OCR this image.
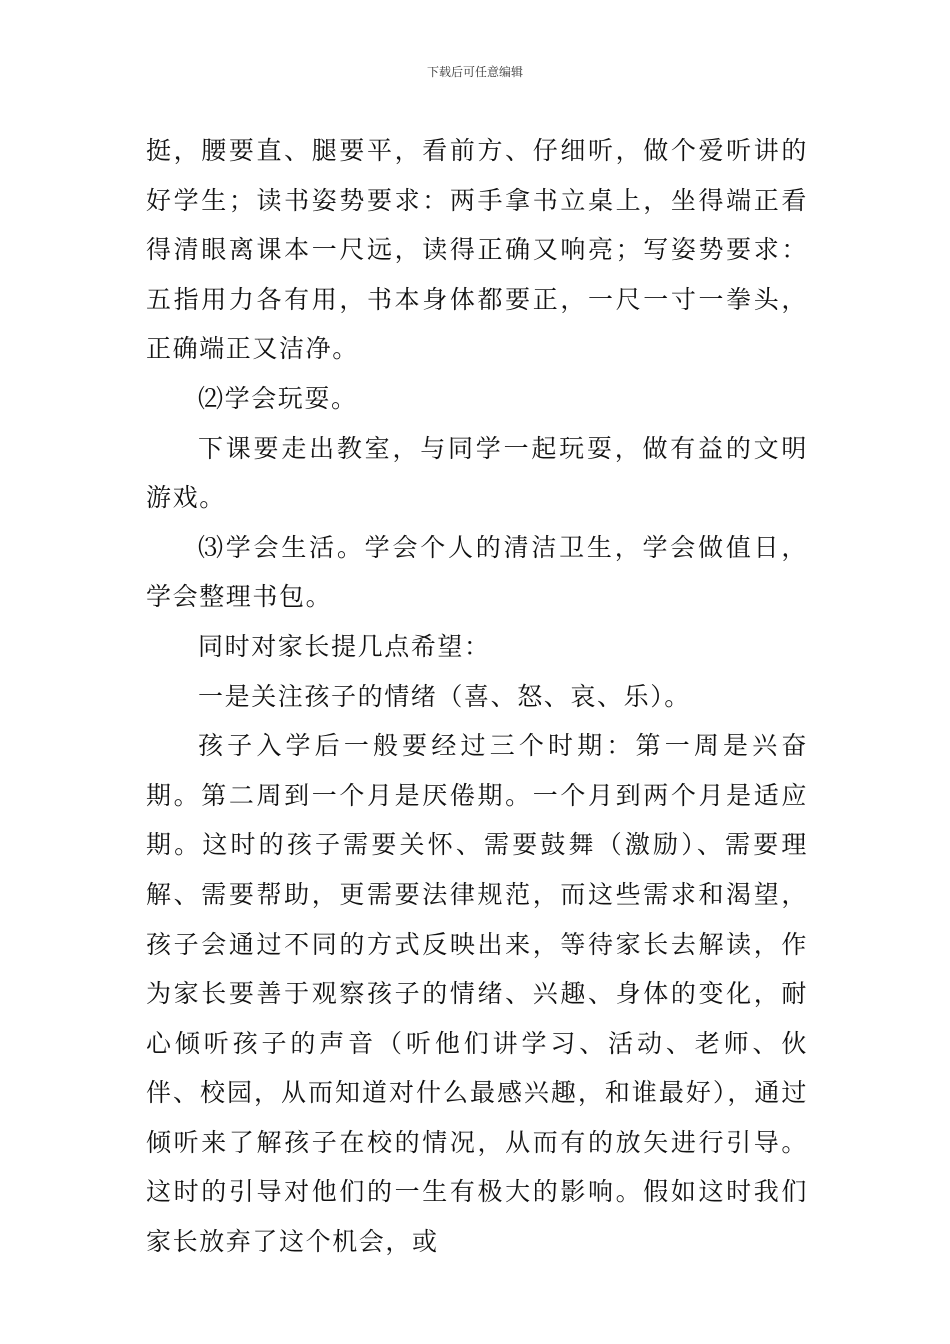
下载后可任意编辑

挺，腰要直、腿要平，看前方、仔细听，做个爱听讲的好学生；读书姿势要求：两手拿书立桌上，坐得端正看得清眼离课本一尺远，读得正确又响亮；写姿势要求：五指用力各有用，书本身体都要正，一尺一寸一拳头，正确端正又洁净。

⑵学会玩耍。

下课要走出教室，与同学一起玩耍，做有益的文明游戏。

⑶学会生活。学会个人的清洁卫生，学会做值日，学会整理书包。

同时对家长提几点希望：

一是关注孩子的情绪（喜、怒、哀、乐）。

孩子入学后一般要经过三个时期：第一周是兴奋期。第二周到一个月是厌倦期。一个月到两个月是适应期。这时的孩子需要关怀、需要鼓舞（激励）、需要理解、需要帮助，更需要法律规范，而这些需求和渴望，孩子会通过不同的方式反映出来，等待家长去解读，作为家长要善于观察孩子的情绪、兴趣、身体的变化，耐心倾听孩子的声音（听他们讲学习、活动、老师、伙伴、校园，从而知道对什么最感兴趣，和谁最好），通过倾听来了解孩子在校的情况，从而有的放矢进行引导。这时的引导对他们的一生有极大的影响。假如这时我们家长放弃了这个机会，或
